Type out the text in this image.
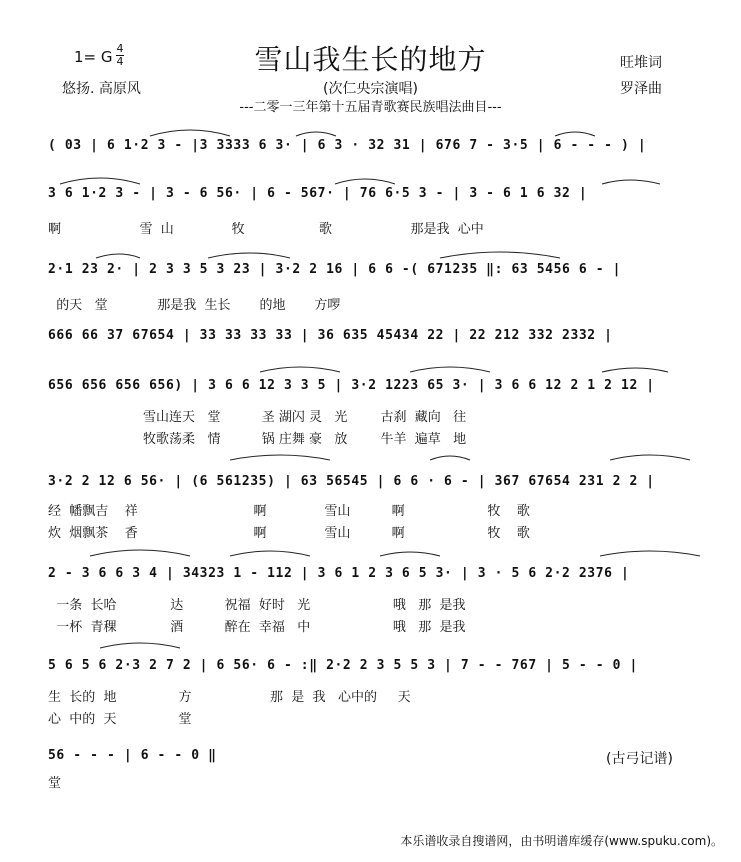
雪山我生长的地方
1= G 4
4
悠扬. 高原风	(次仁央宗演唱)
---二零一三年第十五届青歌赛民族唱法曲目---
旺堆词
罗泽曲
( 03 | 6 1·2 3 - |3 3333 6 3· | 6 3 · 32 31 | 676 7 - 3·5 | 6 - - - ) |
3 6 1·2 3 - | 3 - 6 56· | 6 - 567· | 76 6·5 3 - | 3 - 6 1 6 32 |
啊                   雪  山              牧                  歌                   那是我  心中
2·1 23 2· | 2 3 3 5 3 23 | 3·2 2 16 | 6 6 -( 671235 ‖: 63 5456 6 - |
的天   堂            那是我  生长       的地       方啰
666 66 37 67654 | 33 33 33 33 | 36 635 45434 22 | 22 212 332 2332 |
656 656 656 656) | 3 6 6 12 3 3 5 | 3·2 1223 65 3· | 3 6 6 12 2 1 2 12 |
雪山连天   堂          圣 湖闪 灵   光        古刹  藏向   往
牧歌荡柔   情          锅 庄舞 豪   放        牛羊  遍草   地
3·2 2 12 6 56· | (6 561235) | 63 56545 | 6 6 · 6 - | 367 67654 231 2 2 |
经  幡飘吉    祥                            啊              雪山          啊                    牧    歌
炊  烟飘茶    香                            啊              雪山          啊                    牧    歌
2 - 3 6 6 3 4 | 34323 1 - 112 | 3 6 1 2 3 6 5 3· | 3 · 5 6 2·2 2376 |
一条  长哈             达          祝福  好时   光                    哦   那  是我
一杯  青稞             酒          醉在  幸福   中                    哦   那  是我
5 6 5 6 2·3 2 7 2 | 6 56· 6 - :‖ 2·2 2 3 5 5 3 | 7 - - 767 | 5 - - 0 |
生  长的  地               方                   那  是  我   心中的     天
心  中的  天               堂
56 - - - | 6 - - 0 ‖
堂
(古弓记谱)
本乐谱收录自搜谱网，由书明谱库缓存(www.spuku.com)。
